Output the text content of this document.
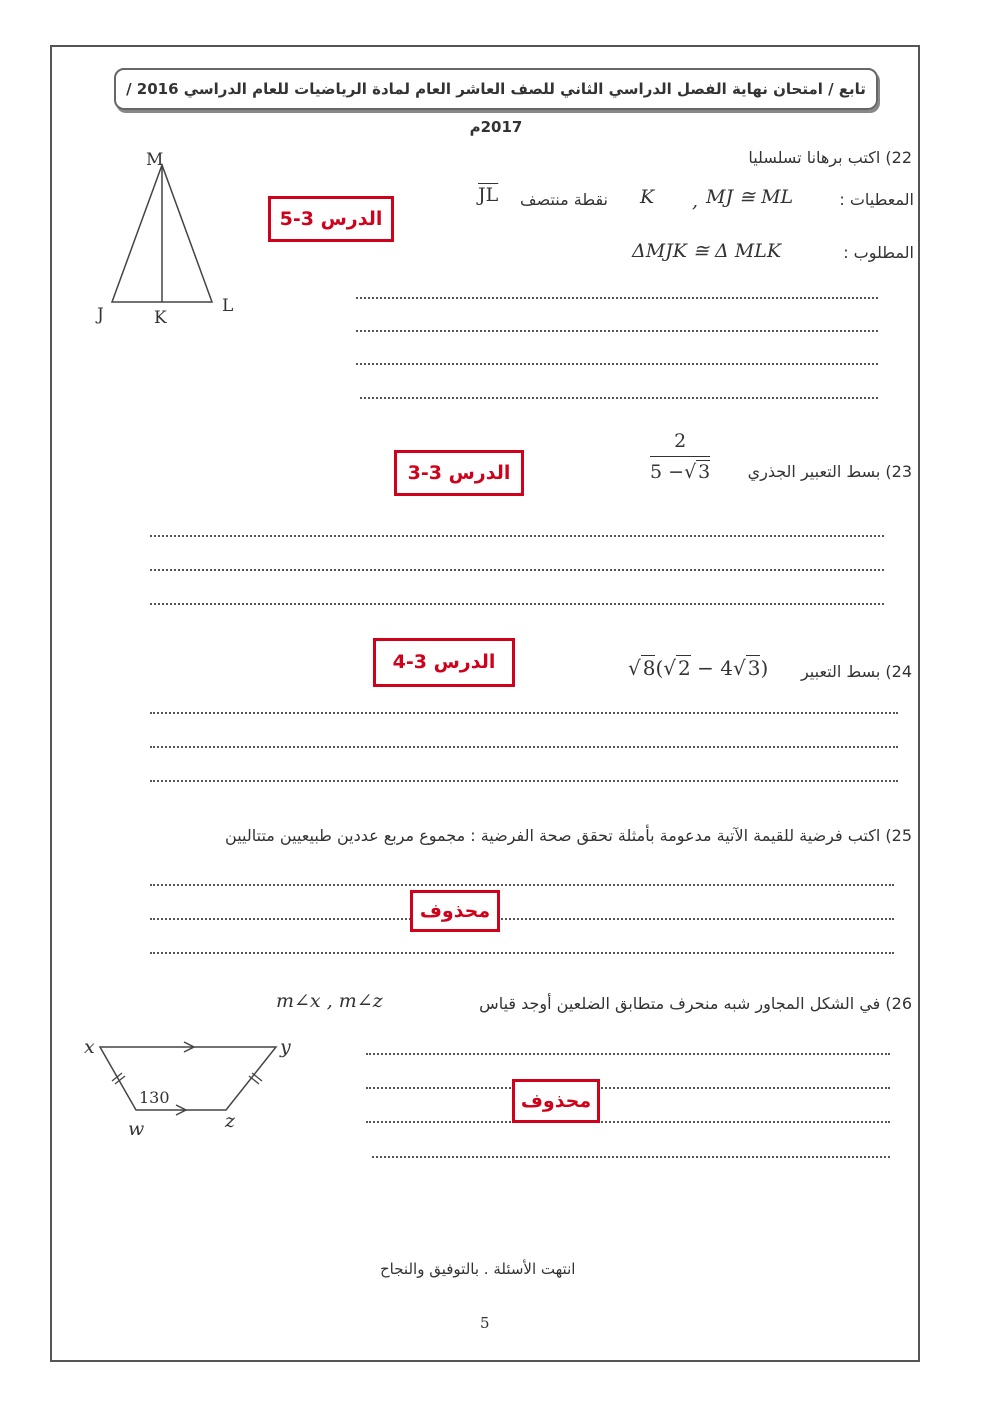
تابع / امتحان نهاية الفصل الدراسي الثاني للصف العاشر العام لمادة الرياضيات للعام الدراسي 2016 / 2017م
22) اكتب برهانا تسلسليا
المعطيات :
MJ ≅ ML
,
K
نقطة منتصف
$\overline{JL}$
المطلوب :
ΔMJK ≅ Δ MLK
الدرس 3-5
M
J	K
L
23) بسط التعبير الجذري
$\frac{2}{5 -√ 3}$
الدرس 3-3
24) بسط التعبير
√ 8(√ 2 − 4√ 3)
الدرس 3-4
25) اكتب فرضية للقيمة الآتية مدعومة بأمثلة تحقق صحة الفرضية : مجموع مربع عددين طبيعيين متتاليين
محذوف
26) في الشكل المجاور شبه منحرف متطابق الضلعين أوجد قياس
m∠x , m∠z
x	y
w	z
130	محذوف
انتهت الأسئلة . بالتوفيق والنجاح
5
